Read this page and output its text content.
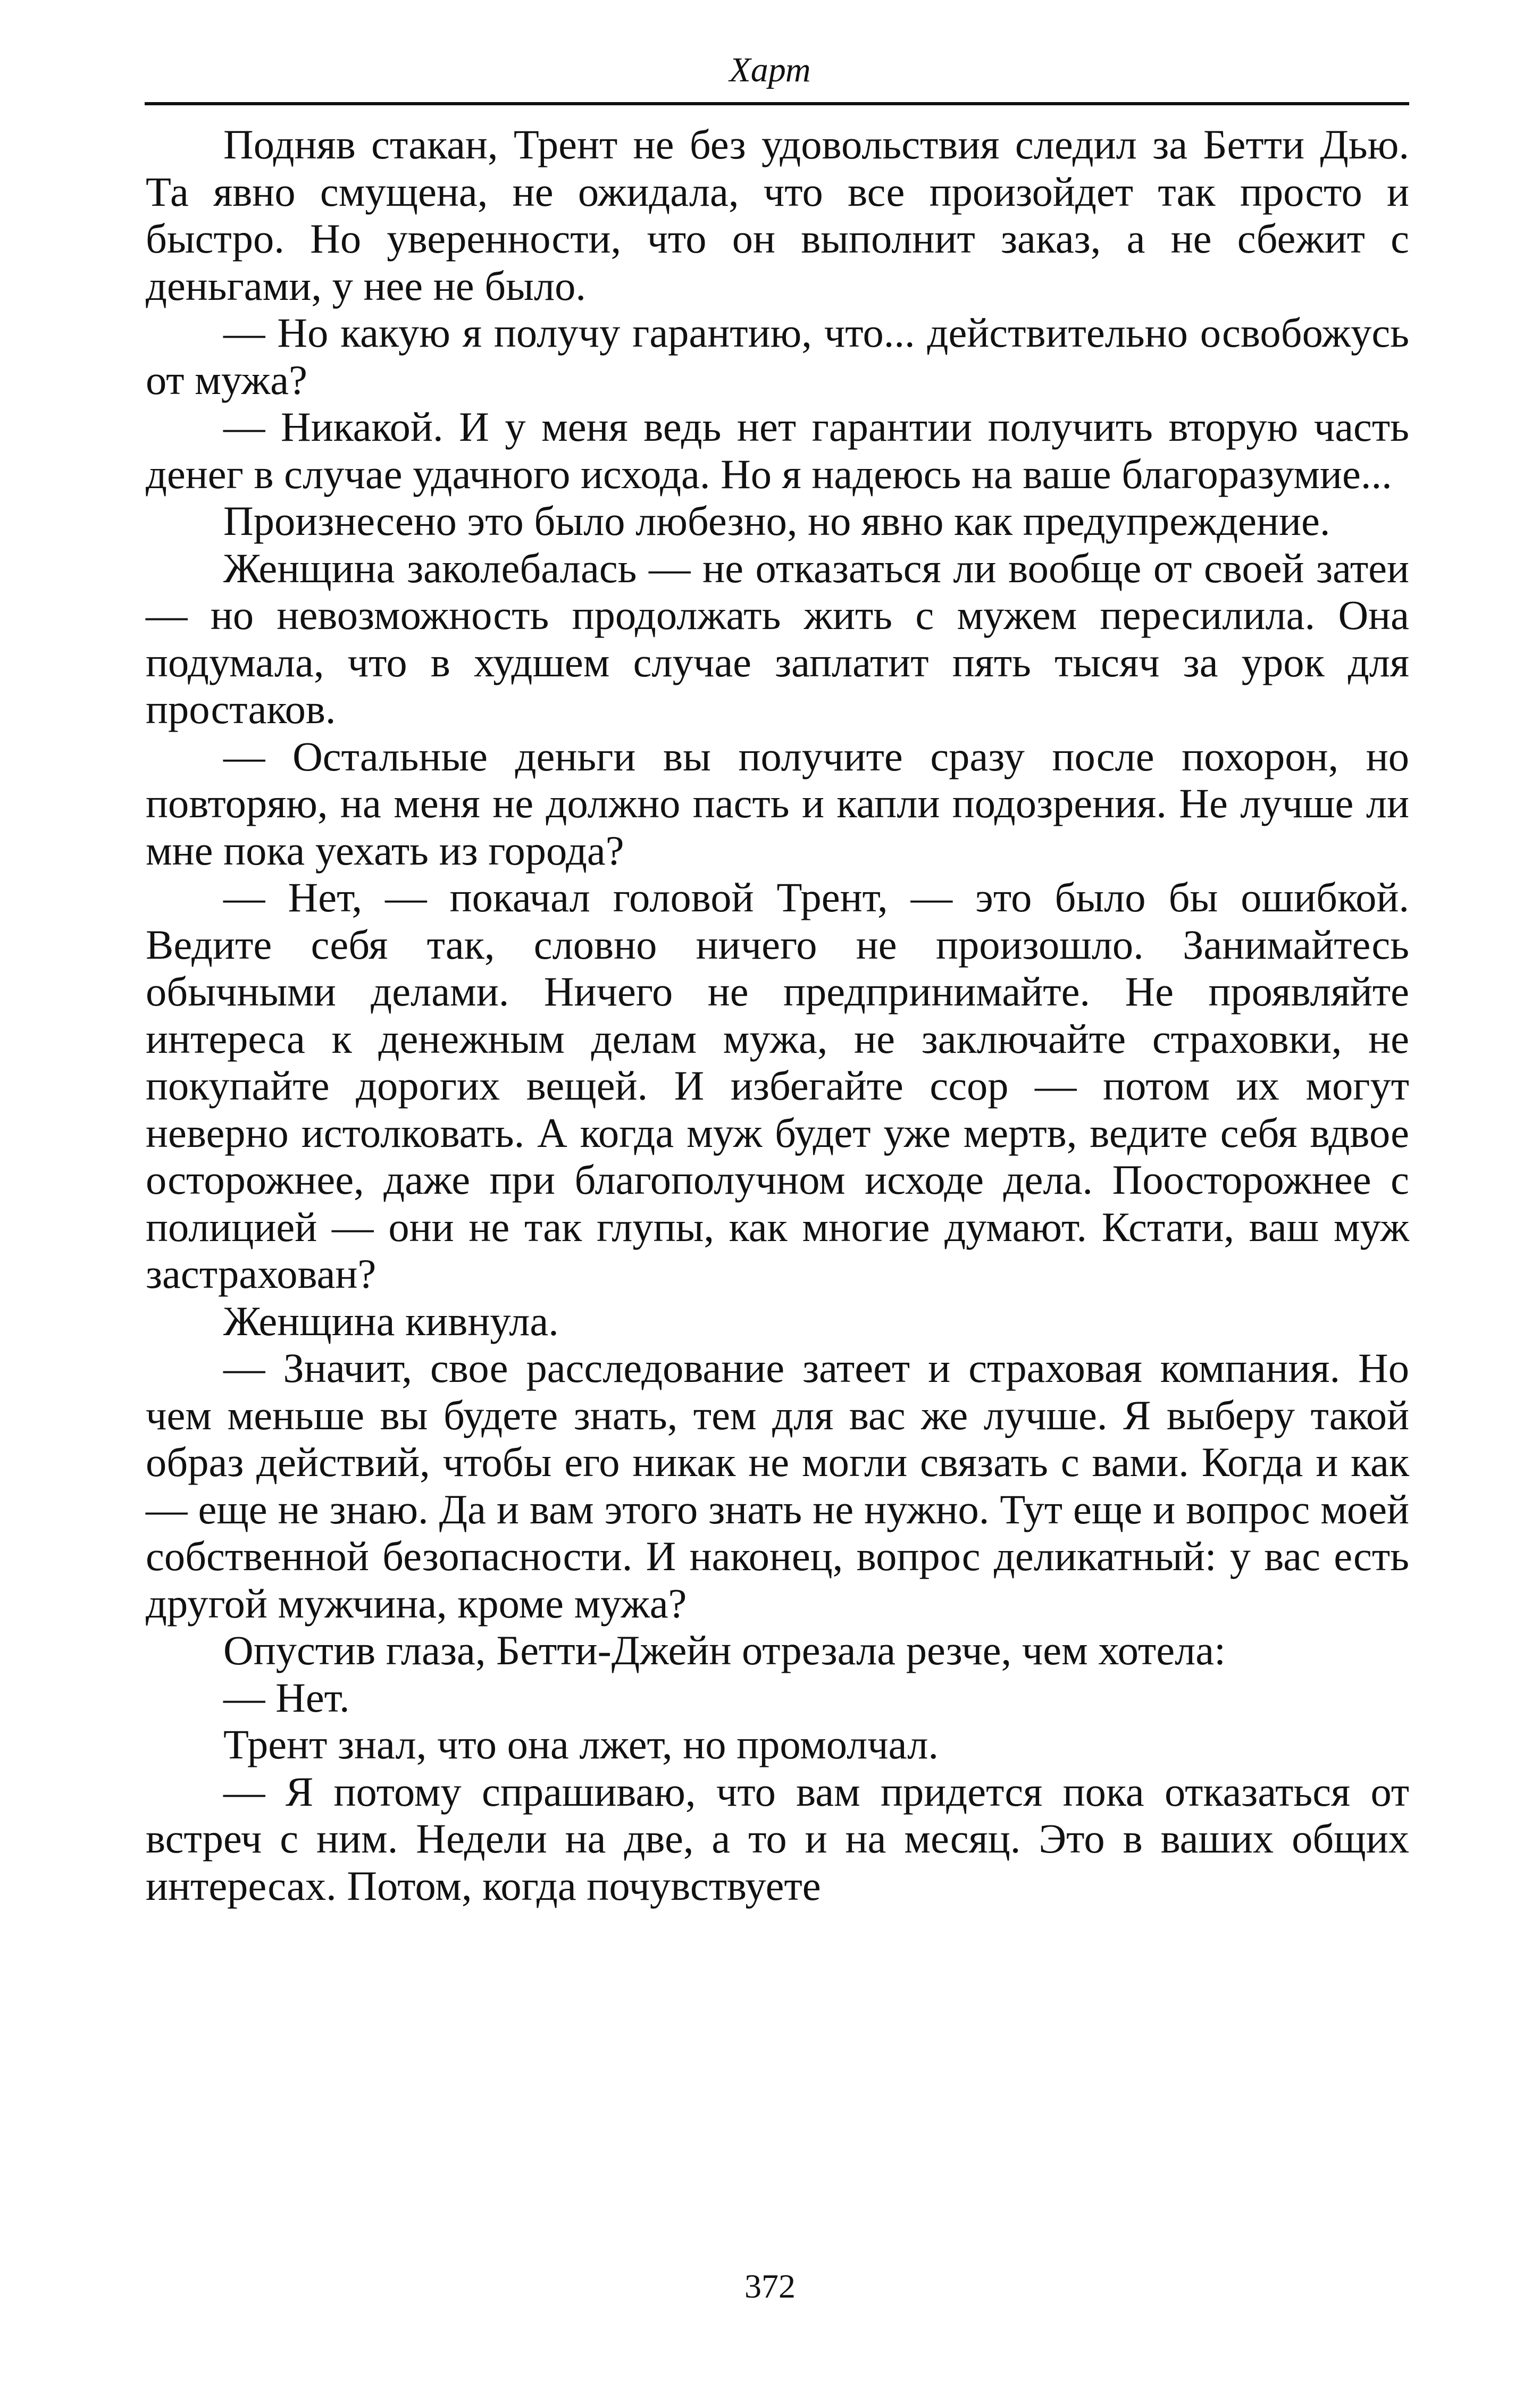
Харт

Подняв стакан, Трент не без удовольствия следил за Бетти Дью. Та явно смущена, не ожидала, что все произойдет так просто и быстро. Но уверенности, что он выполнит заказ, а не сбежит с деньгами, у нее не было.

— Но какую я получу гарантию, что... действительно освобожусь от мужа?

— Никакой. И у меня ведь нет гарантии получить вторую часть денег в случае удачного исхода. Но я надеюсь на ваше благоразумие...

Произнесено это было любезно, но явно как предупреждение.

Женщина заколебалась — не отказаться ли вообще от своей затеи — но невозможность продолжать жить с мужем пересилила. Она подумала, что в худшем случае заплатит пять тысяч за урок для простаков.

— Остальные деньги вы получите сразу после похорон, но повторяю, на меня не должно пасть и капли подозрения. Не лучше ли мне пока уехать из города?

— Нет, — покачал головой Трент, — это было бы ошибкой. Ведите себя так, словно ничего не произошло. Занимайтесь обычными делами. Ничего не предпринимайте. Не проявляйте интереса к денежным делам мужа, не заключайте страховки, не покупайте дорогих вещей. И избегайте ссор — потом их могут неверно истолковать. А когда муж будет уже мертв, ведите себя вдвое осторожнее, даже при благополучном исходе дела. Поосторожнее с полицией — они не так глупы, как многие думают. Кстати, ваш муж застрахован?

Женщина кивнула.

— Значит, свое расследование затеет и страховая компания. Но чем меньше вы будете знать, тем для вас же лучше. Я выберу такой образ действий, чтобы его никак не могли связать с вами. Когда и как — еще не знаю. Да и вам этого знать не нужно. Тут еще и вопрос моей собственной безопасности. И наконец, вопрос деликатный: у вас есть другой мужчина, кроме мужа?

Опустив глаза, Бетти-Джейн отрезала резче, чем хотела:

— Нет.

Трент знал, что она лжет, но промолчал.

— Я потому спрашиваю, что вам придется пока отказаться от встреч с ним. Недели на две, а то и на месяц. Это в ваших общих интересах. Потом, когда почувствуете

372
